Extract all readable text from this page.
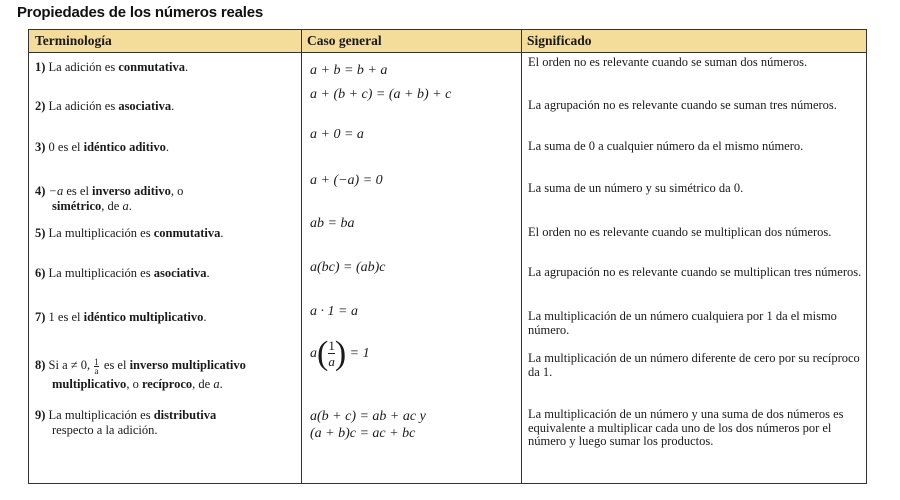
Propiedades de los números reales
Terminología	Caso general	Significado
1) La adición es conmutativa.
2) La adición es asociativa.
3) 0 es el idéntico aditivo.
4) −a es el inverso aditivo, o
simétrico, de a.
5) La multiplicación es conmutativa.
6) La multiplicación es asociativa.
7) 1 es el idéntico multiplicativo.
8) Si a ≠ 0, $\frac{1}{a}$ es el inverso multiplicativo
multiplicativo, o recíproco, de a.
9) La multiplicación es distributiva
respecto a la adición.
a + b = b + a
a + (b + c) = (a + b) + c
a + 0 = a
a + (−a) = 0
ab = ba
a(bc) = (ab)c
a · 1 = a
$a( \frac{1}{a}$ ) = 1
a(b + c) = ab + ac y
(a + b)c = ac + bc
El orden no es relevante cuando se suman dos números.
La agrupación no es relevante cuando se suman tres números.
La suma de 0 a cualquier número da el mismo número.
La suma de un número y su simétrico da 0.
El orden no es relevante cuando se multiplican dos números.
La agrupación no es relevante cuando se multiplican tres números.
La multiplicación de un número cualquiera por 1 da el mismo número.
La multiplicación de un número diferente de cero por su recíproco da 1.
La multiplicación de un número y una suma de dos números es equivalente a multiplicar cada uno de los dos números por el número y luego sumar los productos.
